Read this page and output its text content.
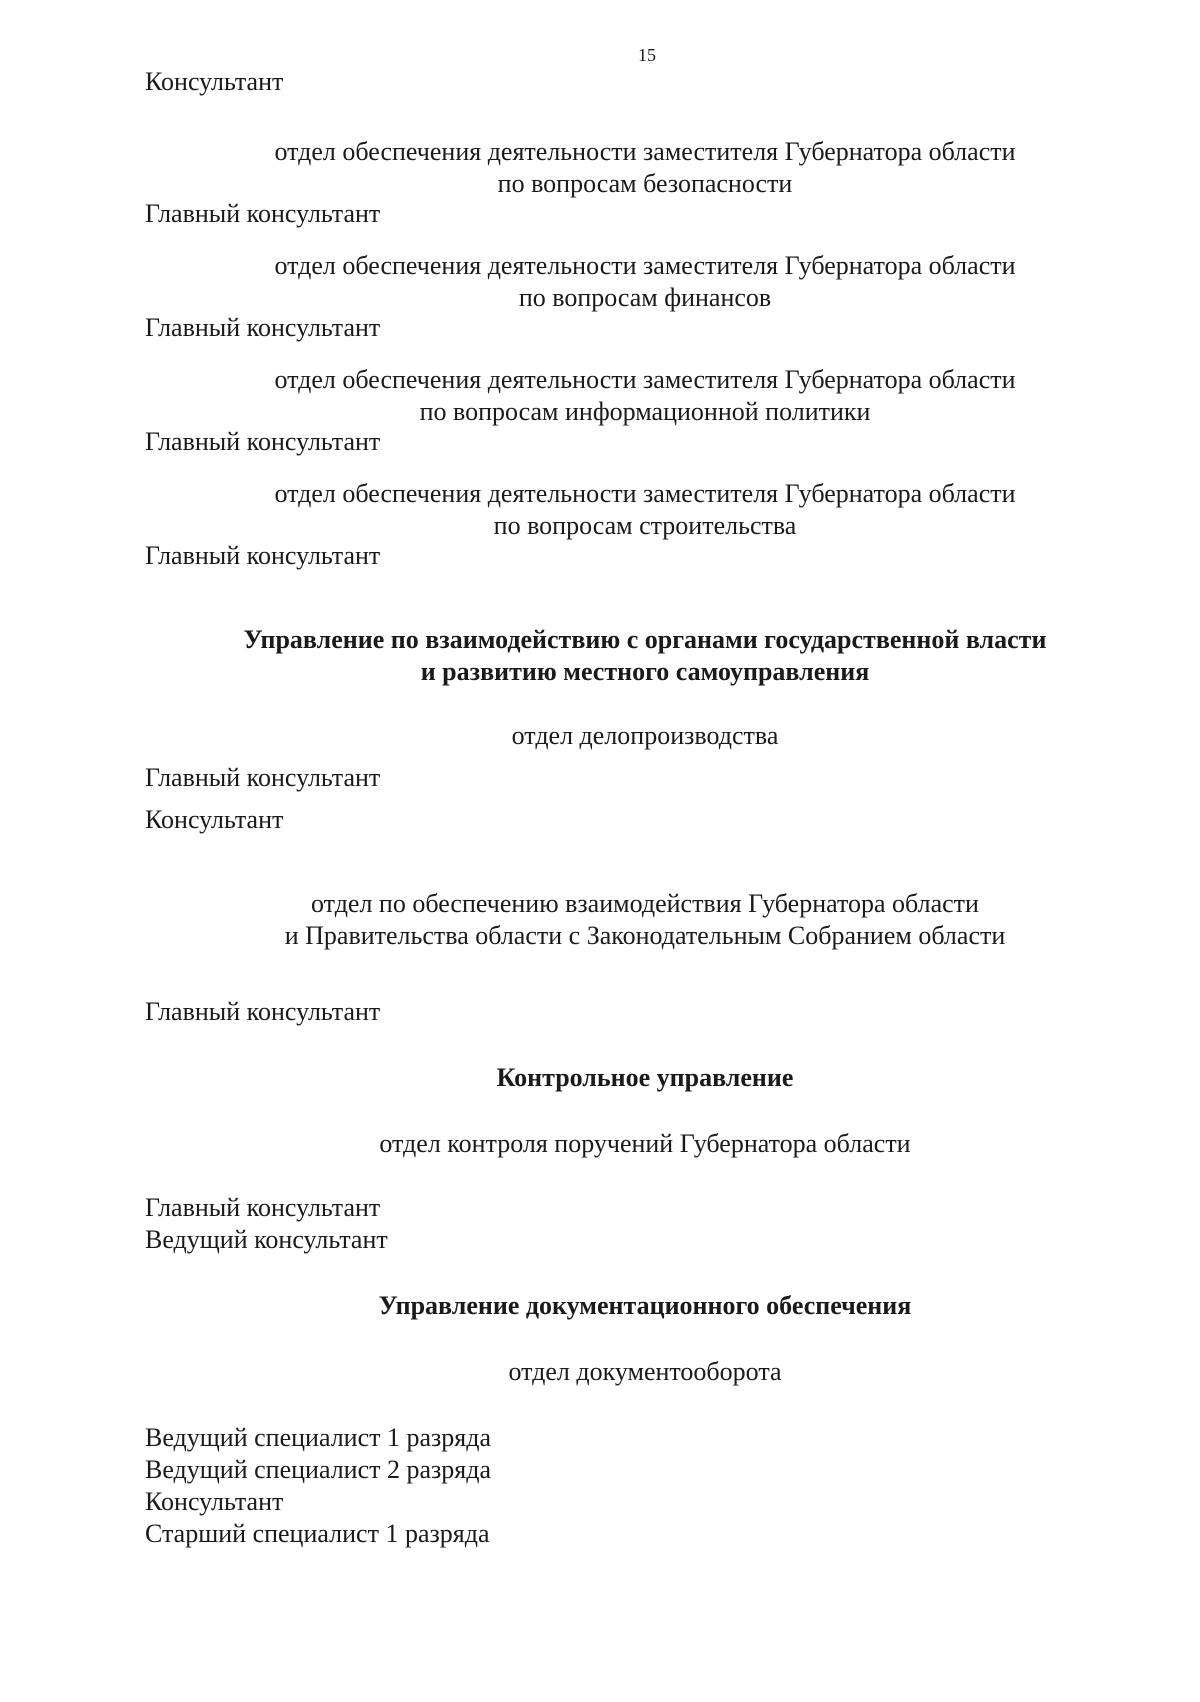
15
Консультант
отдел обеспечения деятельности заместителя Губернатора области
по вопросам безопасности
Главный консультант
отдел обеспечения деятельности заместителя Губернатора области
по вопросам финансов
Главный консультант
отдел обеспечения деятельности заместителя Губернатора области
по вопросам информационной политики
Главный консультант
отдел обеспечения деятельности заместителя Губернатора области
по вопросам строительства
Главный консультант
Управление по взаимодействию с органами государственной власти
и развитию местного самоуправления
отдел делопроизводства
Главный консультант
Консультант
отдел по обеспечению взаимодействия Губернатора области
и Правительства области с Законодательным Собранием области
Главный консультант
Контрольное управление
отдел контроля поручений Губернатора области
Главный консультант
Ведущий консультант
Управление документационного обеспечения
отдел документооборота
Ведущий специалист 1 разряда
Ведущий специалист 2 разряда
Консультант
Старший специалист 1 разряда
